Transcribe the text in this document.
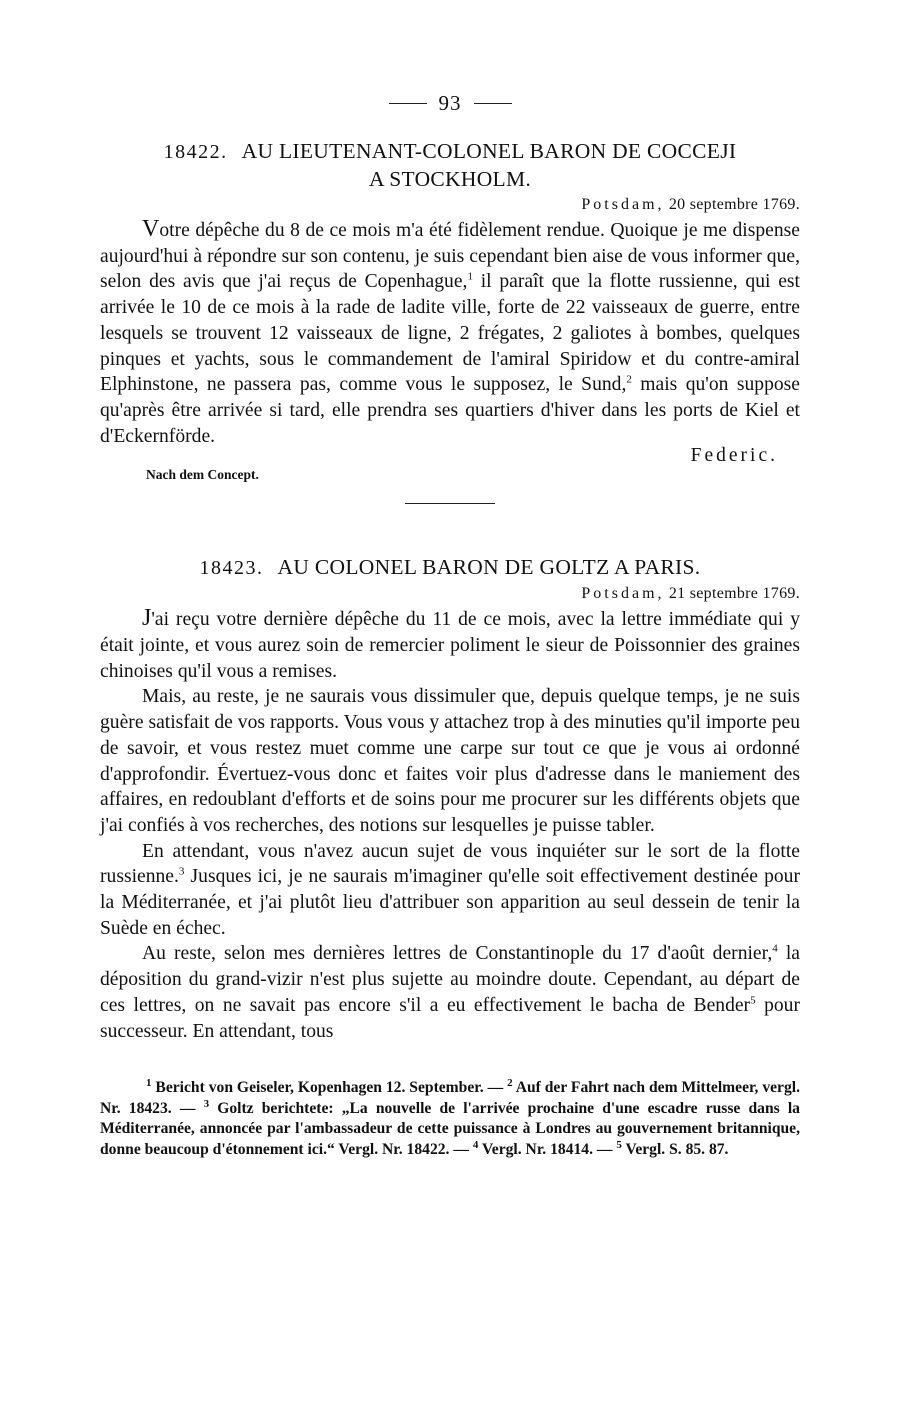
93
18422. AU LIEUTENANT-COLONEL BARON DE COCCEJI
A STOCKHOLM.
Potsdam, 20 septembre 1769.

Votre dépêche du 8 de ce mois m'a été fidèlement rendue. Quoique je me dispense aujourd'hui à répondre sur son contenu, je suis cependant bien aise de vous informer que, selon des avis que j'ai reçus de Copenhague,$^1$ il paraît que la flotte russienne, qui est arrivée le 10 de ce mois à la rade de ladite ville, forte de 22 vaisseaux de guerre, entre lesquels se trouvent 12 vaisseaux de ligne, 2 frégates, 2 galiotes à bombes, quelques pinques et yachts, sous le commandement de l'amiral Spiridow et du contre-amiral Elphinstone, ne passera pas, comme vous le supposez, le Sund,$^2$ mais qu'on suppose qu'après être arrivée si tard, elle prendra ses quartiers d'hiver dans les ports de Kiel et d'Eckernförde.

Federic.
Nach dem Concept.
18423. AU COLONEL BARON DE GOLTZ A PARIS.
Potsdam, 21 septembre 1769.

J'ai reçu votre dernière dépêche du 11 de ce mois, avec la lettre immédiate qui y était jointe, et vous aurez soin de remercier poliment le sieur de Poissonnier des graines chinoises qu'il vous a remises.

Mais, au reste, je ne saurais vous dissimuler que, depuis quelque temps, je ne suis guère satisfait de vos rapports. Vous vous y attachez trop à des minuties qu'il importe peu de savoir, et vous restez muet comme une carpe sur tout ce que je vous ai ordonné d'approfondir. Évertuez-vous donc et faites voir plus d'adresse dans le maniement des affaires, en redoublant d'efforts et de soins pour me procurer sur les différents objets que j'ai confiés à vos recherches, des notions sur lesquelles je puisse tabler.

En attendant, vous n'avez aucun sujet de vous inquiéter sur le sort de la flotte russienne.$^3$ Jusques ici, je ne saurais m'imaginer qu'elle soit effectivement destinée pour la Méditerranée, et j'ai plutôt lieu d'attribuer son apparition au seul dessein de tenir la Suède en échec.

Au reste, selon mes dernières lettres de Constantinople du 17 d'août dernier,$^4$ la déposition du grand-vizir n'est plus sujette au moindre doute. Cependant, au départ de ces lettres, on ne savait pas encore s'il a eu effectivement le bacha de Bender$^5$ pour successeur. En attendant, tous

$^1$ Bericht von Geiseler, Kopenhagen 12. September. — $^2$ Auf der Fahrt nach dem Mittelmeer, vergl. Nr. 18423. — $^3$ Goltz berichtete: „La nouvelle de l'arrivée prochaine d'une escadre russe dans la Méditerranée, annoncée par l'ambassadeur de cette puissance à Londres au gouvernement britannique, donne beaucoup d'étonnement ici.“ Vergl. Nr. 18422. — $^4$ Vergl. Nr. 18414. — $^5$ Vergl. S. 85. 87.
